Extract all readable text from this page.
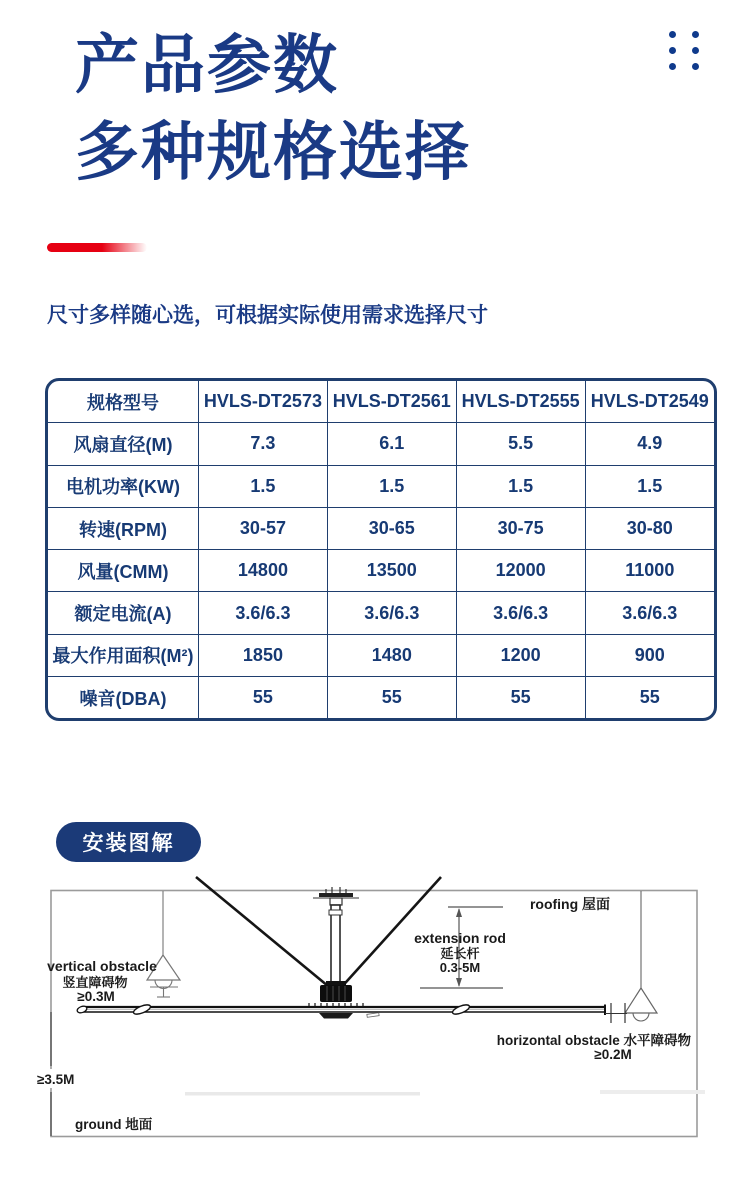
产品参数
多种规格选择
尺寸多样随心选，可根据实际使用需求选择尺寸
规格型号	HVLS-DT2573	HVLS-DT2561	HVLS-DT2555	HVLS-DT2549
风扇直径(M)	7.3	6.1	5.5	4.9
电机功率(KW)	1.5	1.5	1.5	1.5
转速(RPM)	30-57	30-65	30-75	30-80
风量(CMM)	14800	13500	12000	11000
额定电流(A)	3.6/6.3	3.6/6.3	3.6/6.3	3.6/6.3
最大作用面积(M²)	1850	1480	1200	900
噪音(DBA)	55	55	55	55
安装图解
extension rod
延长杆
0.3-5M
roofing 屋面
horizontal obstacle 水平障碍物
≥0.2M
vertical obstacle
竖直障碍物
≥0.3M
≥3.5M
ground 地面
